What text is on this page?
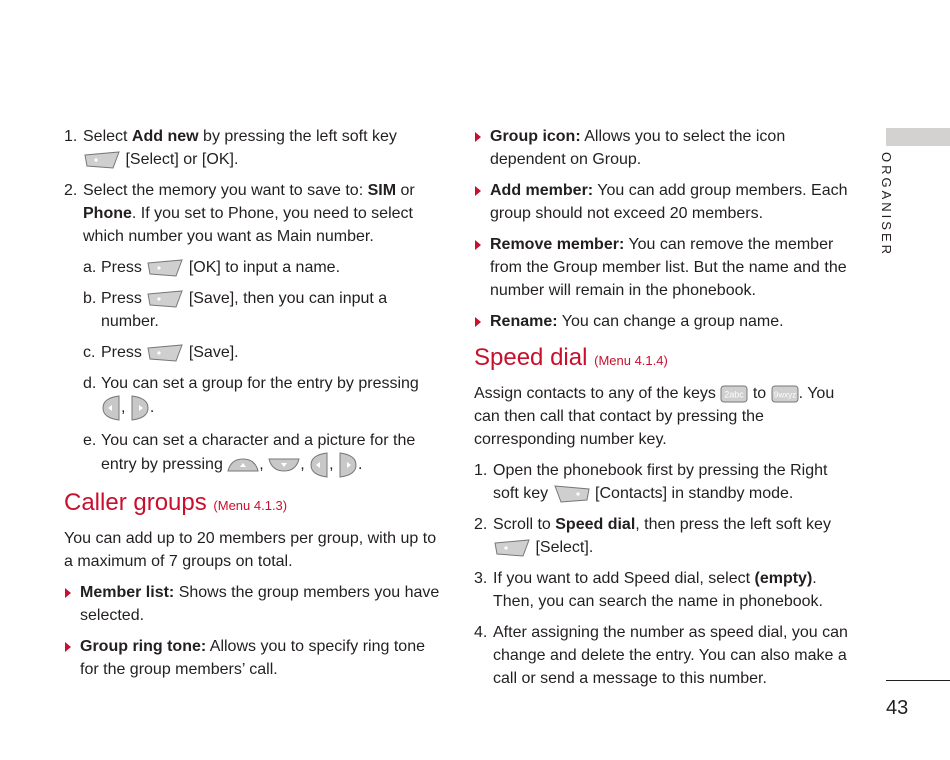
1. Select Add new by pressing the left soft key

[Select] or [OK].
2. Select the memory you want to save to: SIM or Phone. If you set to Phone, you need to select which number you want as Main number.
a. Press	[OK] to input a name.
b. Press	[Save], then you can input a number.
c. Press	[Save].
d. You can set a group for the entry by pressing

, .
e. You can set a character and a picture for the entry by pressing , , , .
Caller groups (Menu 4.1.3)
You can add up to 20 members per group, with up to a maximum of 7 groups on total.
Member list: Shows the group members you have selected.
Group ring tone: Allows you to specify ring tone for the group members’ call.
Group icon: Allows you to select the icon dependent on Group.
Add member: You can add group members. Each group should not exceed 20 members.
Remove member: You can remove the member from the Group member list. But the name and the number will remain in the phonebook.
Rename: You can change a group name.
Speed dial (Menu 4.1.4)
Assign contacts to any of the keys 2abc to 9wxyz . You can then call that contact by pressing the corresponding number key.
1. Open the phonebook first by pressing the Right soft key	[Contacts] in standby mode.
2. Scroll to Speed dial, then press the left soft key

[Select].
3. If you want to add Speed dial, select (empty). Then, you can search the name in phonebook.
4. After assigning the number as speed dial, you can change and delete the entry. You can also make a call or send a message to this number.
ORGANISER
43
